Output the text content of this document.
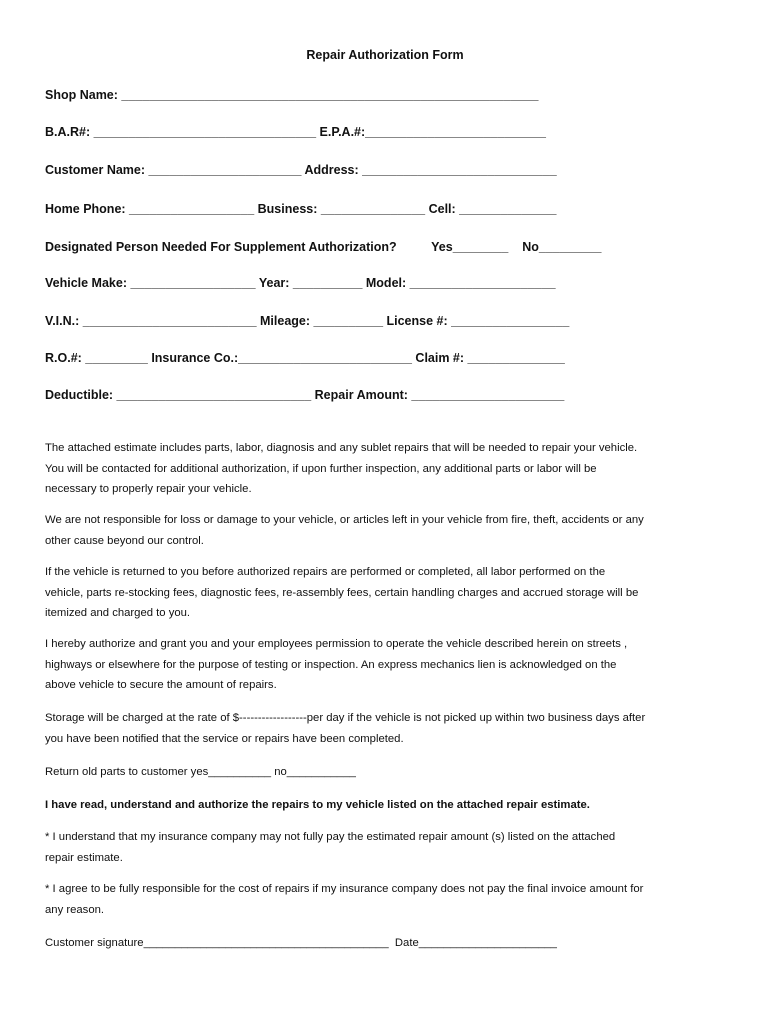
Repair Authorization Form
Shop Name: ____________________________________________________________
B.A.R#: ________________________________ E.P.A.#:__________________________
Customer Name: ______________________ Address: ____________________________
Home Phone: __________________ Business: _______________ Cell: ______________
Designated Person Needed For Supplement Authorization?          Yes________    No_________
Vehicle Make: __________________ Year: __________ Model: _____________________
V.I.N.: _________________________ Mileage: __________ License #: _________________
R.O.#: _________ Insurance Co.:_________________________ Claim #: ______________
Deductible: ____________________________ Repair Amount: ______________________
The attached estimate includes parts, labor, diagnosis and any sublet repairs that will be needed to repair your vehicle.
You will be contacted for additional authorization, if upon further inspection, any additional parts or labor will be
necessary to properly repair your vehicle.
We are not responsible for loss or damage to your vehicle, or articles left in your vehicle from fire, theft, accidents or any
other cause beyond our control.
If the vehicle is returned to you before authorized repairs are performed or completed, all labor performed on the
vehicle, parts re-stocking fees, diagnostic fees, re-assembly fees, certain handling charges and accrued storage will be
itemized and charged to you.
I hereby authorize and grant you and your employees permission to operate the vehicle described herein on streets ,
highways or elsewhere for the purpose of testing or inspection. An express mechanics lien is acknowledged on the
above vehicle to secure the amount of repairs.
Storage will be charged at the rate of $------------------per day if the vehicle is not picked up within two business days after
you have been notified that the service or repairs have been completed.
Return old parts to customer yes__________ no___________
I have read, understand and authorize the repairs to my vehicle listed on the attached repair estimate.
* I understand that my insurance company may not fully pay the estimated repair amount (s) listed on the attached
repair estimate.
* I agree to be fully responsible for the cost of repairs if my insurance company does not pay the final invoice amount for
any reason.
Customer signature_______________________________________  Date______________________
